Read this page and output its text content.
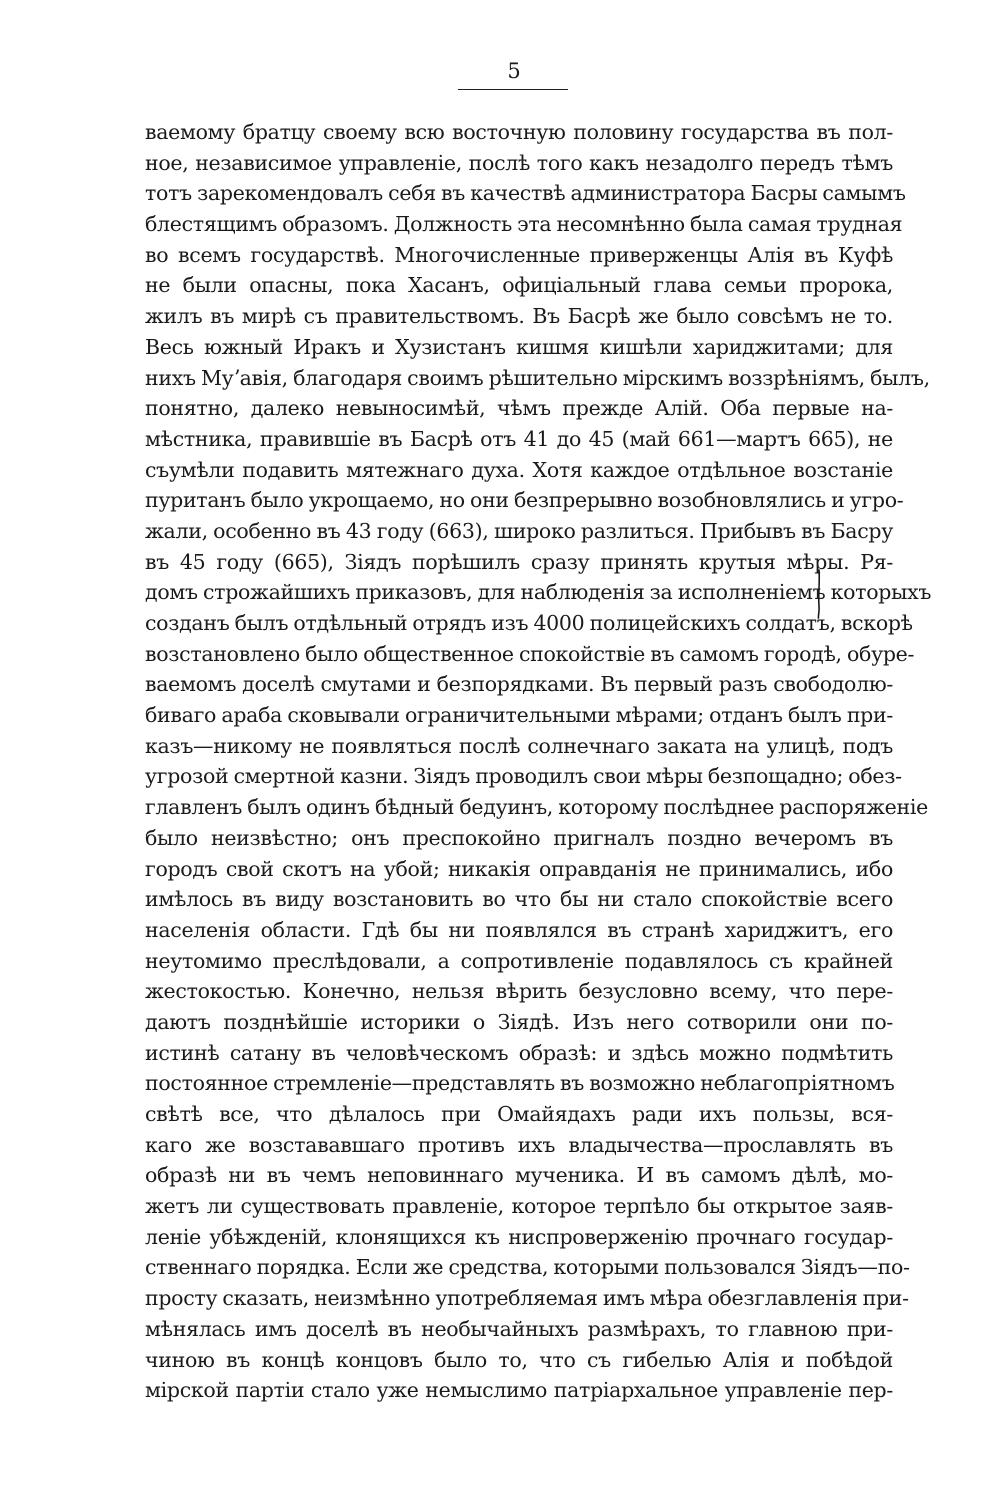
5
ваемому братцу своему всю восточную половину государства въ пол-
ное, независимое управленіе, послѣ того какъ незадолго передъ тѣмъ
тотъ зарекомендовалъ себя въ качествѣ администратора Басры самымъ
блестящимъ образомъ. Должность эта несомнѣнно была самая трудная
во всемъ государствѣ. Многочисленные приверженцы Алія въ Куфѣ
не были опасны, пока Хасанъ, офиціальный глава семьи пророка,
жилъ въ мирѣ съ правительствомъ. Въ Басрѣ же было совсѣмъ не то.
Весь южный Иракъ и Хузистанъ кишмя кишѣли хариджитами; для
нихъ Муʼавія, благодаря своимъ рѣшительно мірскимъ воззрѣніямъ, былъ,
понятно, далеко невыносимѣй, чѣмъ прежде Алій. Оба первые на-
мѣстника, правившіе въ Басрѣ отъ 41 до 45 (май 661—мартъ 665), не
съумѣли подавить мятежнаго духа. Хотя каждое отдѣльное возстаніе
пуританъ было укрощаемо, но они безпрерывно возобновлялись и угро-
жали, особенно въ 43 году (663), широко разлиться. Прибывъ въ Басру
въ 45 году (665), Зіядъ порѣшилъ сразу принять крутыя мѣры. Ря-
домъ строжайшихъ приказовъ, для наблюденія за исполненіемъ которыхъ
созданъ былъ отдѣльный отрядъ изъ 4000 полицейскихъ солдатъ, вскорѣ
возстановлено было общественное спокойствіе въ самомъ городѣ, обуре-
ваемомъ доселѣ смутами и безпорядками. Въ первый разъ свободолю-
биваго араба сковывали ограничительными мѣрами; отданъ былъ при-
казъ—никому не появляться послѣ солнечнаго заката на улицѣ, подъ
угрозой смертной казни. Зіядъ проводилъ свои мѣры безпощадно; обез-
главленъ былъ одинъ бѣдный бедуинъ, которому послѣднее распоряженіе
было неизвѣстно; онъ преспокойно пригналъ поздно вечеромъ въ
городъ свой скотъ на убой; никакія оправданія не принимались, ибо
имѣлось въ виду возстановить во что бы ни стало спокойствіе всего
населенія области. Гдѣ бы ни появлялся въ странѣ хариджитъ, его
неутомимо преслѣдовали, а сопротивленіе подавлялось съ крайней
жестокостью. Конечно, нельзя вѣрить безусловно всему, что пере-
даютъ позднѣйшіе историки о Зіядѣ. Изъ него сотворили они по-
истинѣ сатану въ человѣческомъ образѣ: и здѣсь можно подмѣтить
постоянное стремленіе—представлять въ возможно неблагопріятномъ
свѣтѣ все, что дѣлалось при Омайядахъ ради ихъ пользы, вся-
каго же возстававшаго противъ ихъ владычества—прославлять въ
образѣ ни въ чемъ неповиннаго мученика. И въ самомъ дѣлѣ, мо-
жетъ ли существовать правленіе, которое терпѣло бы открытое заяв-
леніе убѣжденій, клонящихся къ ниспроверженію прочнаго государ-
ственнаго порядка. Если же средства, которыми пользовался Зіядъ—по-
просту сказать, неизмѣнно употребляемая имъ мѣра обезглавленія при-
мѣнялась имъ доселѣ въ необычайныхъ размѣрахъ, то главною при-
чиною въ концѣ концовъ было то, что съ гибелью Алія и побѣдой
мірской партіи стало уже немыслимо патріархальное управленіе пер-
